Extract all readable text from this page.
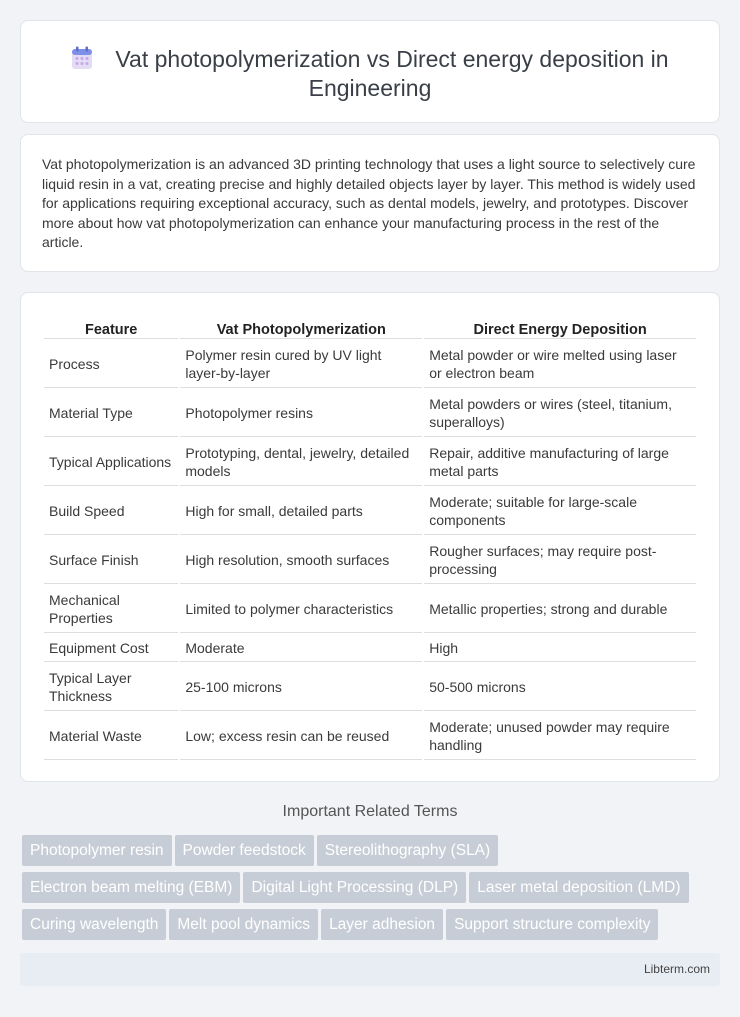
Vat photopolymerization vs Direct energy deposition in Engineering

Vat photopolymerization is an advanced 3D printing technology that uses a light source to selectively cure liquid resin in a vat, creating precise and highly detailed objects layer by layer. This method is widely used for applications requiring exceptional accuracy, such as dental models, jewelry, and prototypes. Discover more about how vat photopolymerization can enhance your manufacturing process in the rest of the article.

Feature	Vat Photopolymerization	Direct Energy Deposition
Process	Polymer resin cured by UV light layer-by-layer	Metal powder or wire melted using laser or electron beam
Material Type	Photopolymer resins	Metal powders or wires (steel, titanium, superalloys)
Typical Applications	Prototyping, dental, jewelry, detailed models	Repair, additive manufacturing of large metal parts
Build Speed	High for small, detailed parts	Moderate; suitable for large-scale components
Surface Finish	High resolution, smooth surfaces	Rougher surfaces; may require post-processing
Mechanical Properties	Limited to polymer characteristics	Metallic properties; strong and durable
Equipment Cost	Moderate	High
Typical Layer Thickness	25-100 microns	50-500 microns
Material Waste	Low; excess resin can be reused	Moderate; unused powder may require handling
Important Related Terms
Photopolymer resin Powder feedstock Stereolithography (SLA)
Electron beam melting (EBM) Digital Light Processing (DLP) Laser metal deposition (LMD)
Curing wavelength Melt pool dynamics Layer adhesion Support structure complexity
Libterm.com
